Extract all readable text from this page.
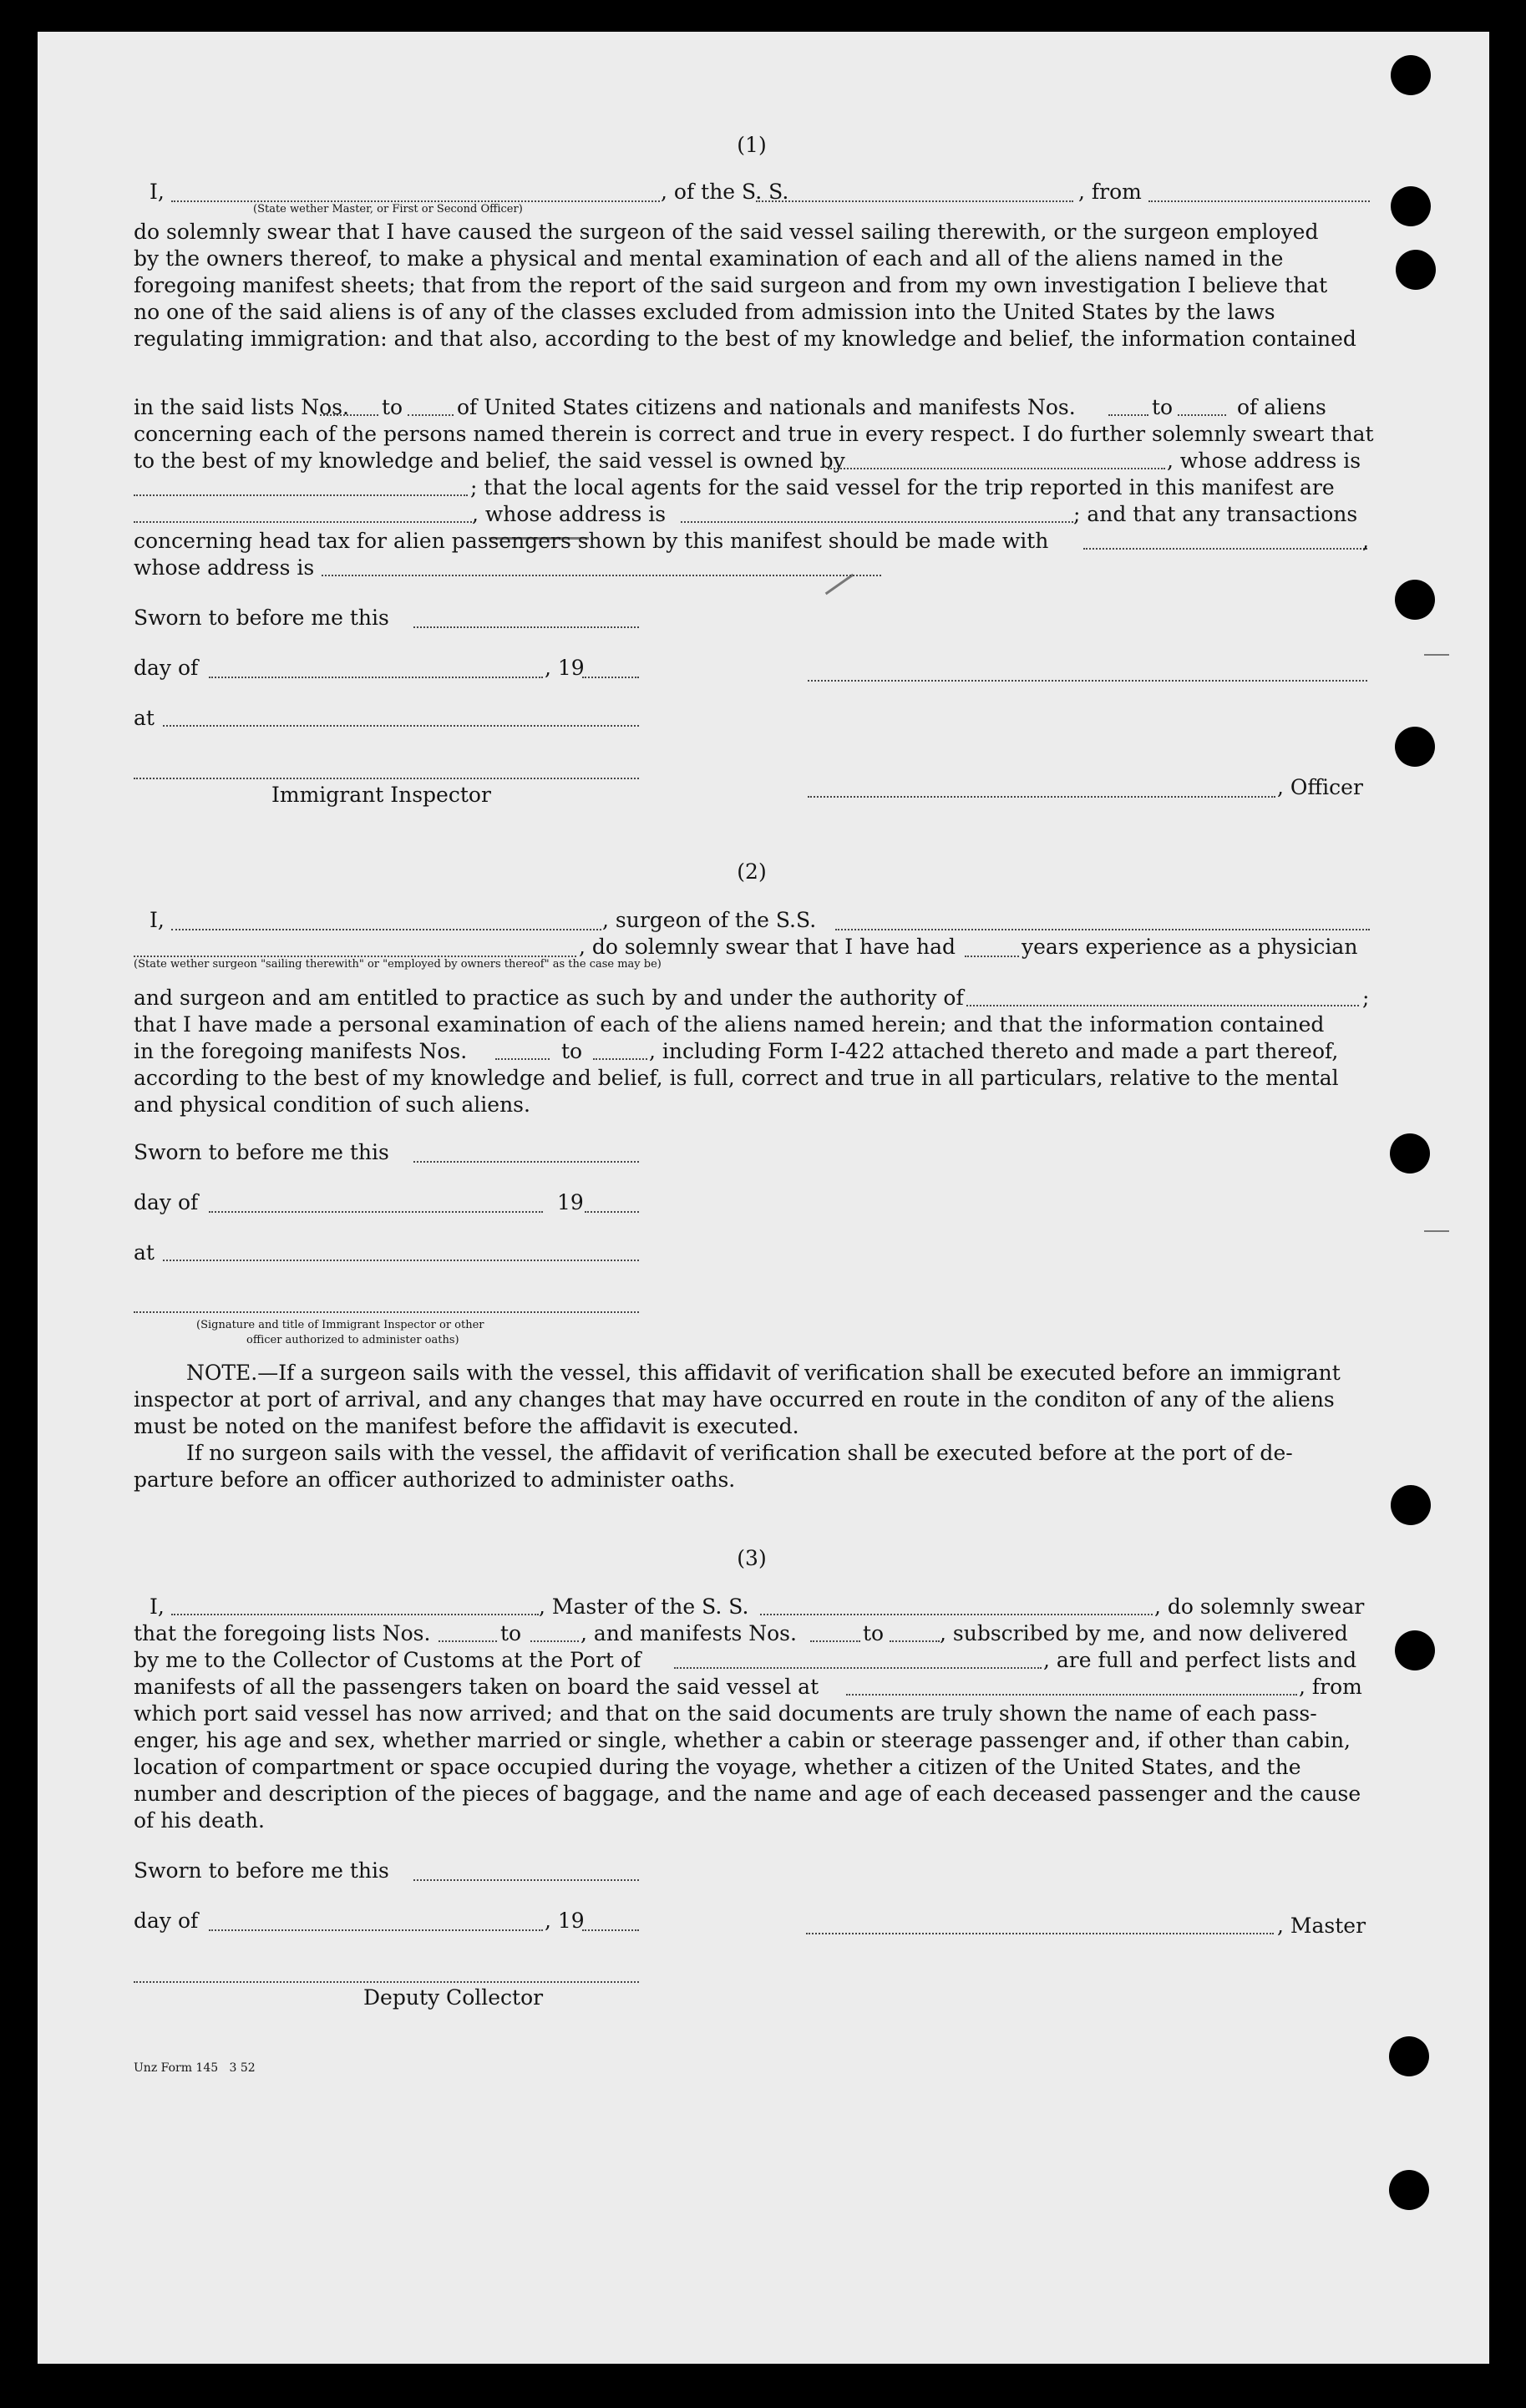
(1)
I,	, of the S. S.	, from
(State wether Master, or First or Second Officer)
do solemnly swear that I have caused the surgeon of the said vessel sailing therewith, or the surgeon employed
by the owners thereof, to make a physical and mental examination of each and all of the aliens named in the
foregoing manifest sheets; that from the report of the said surgeon and from my own investigation I believe that
no one of the said aliens is of any of the classes excluded from admission into the United States by the laws
regulating immigration: and that also, according to the best of my knowledge and belief, the information contained
in the said lists Nos. to	of United States citizens and nationals and manifests Nos.	to	of aliens
concerning each of the persons named therein is correct and true in every respect. I do further solemnly sweart that
to the best of my knowledge and belief, the said vessel is owned by	, whose address is
; that the local agents for the said vessel for the trip reported in this manifest are
, whose address is	; and that any transactions
concerning head tax for alien passengers shown by this manifest should be made with	,
whose address is
Sworn to before me this
day of	, 19
at
Immigrant Inspector	, Officer
(2)
I,	, surgeon of the S.S.
, do solemnly swear that I have had	years experience as a physician
(State wether surgeon "sailing therewith" or "employed by owners thereof" as the case may be)
and surgeon and am entitled to practice as such by and under the authority of	;
that I have made a personal examination of each of the aliens named herein; and that the information contained
in the foregoing manifests Nos.	to	, including Form I-422 attached thereto and made a part thereof,
according to the best of my knowledge and belief, is full, correct and true in all particulars, relative to the mental
and physical condition of such aliens.
Sworn to before me this
day of	19
at
(Signature and title of Immigrant Inspector or other
officer authorized to administer oaths)
NOTE.—If a surgeon sails with the vessel, this affidavit of verification shall be executed before an immigrant
inspector at port of arrival, and any changes that may have occurred en route in the conditon of any of the aliens
must be noted on the manifest before the affidavit is executed.
If no surgeon sails with the vessel, the affidavit of verification shall be executed before at the port of de-
parture before an officer authorized to administer oaths.
(3)
I,	, Master of the S. S.	, do solemnly swear
that the foregoing lists Nos.	to	, and manifests Nos.	to	, subscribed by me, and now delivered
by me to the Collector of Customs at the Port of	, are full and perfect lists and
manifests of all the passengers taken on board the said vessel at	, from
which port said vessel has now arrived; and that on the said documents are truly shown the name of each pass-
enger, his age and sex, whether married or single, whether a cabin or steerage passenger and, if other than cabin,
location of compartment or space occupied during the voyage, whether a citizen of the United States, and the
number and description of the pieces of baggage, and the name and age of each deceased passenger and the cause
of his death.
Sworn to before me this
day of	, 19	, Master
Deputy Collector
Unz Form 145   3 52
